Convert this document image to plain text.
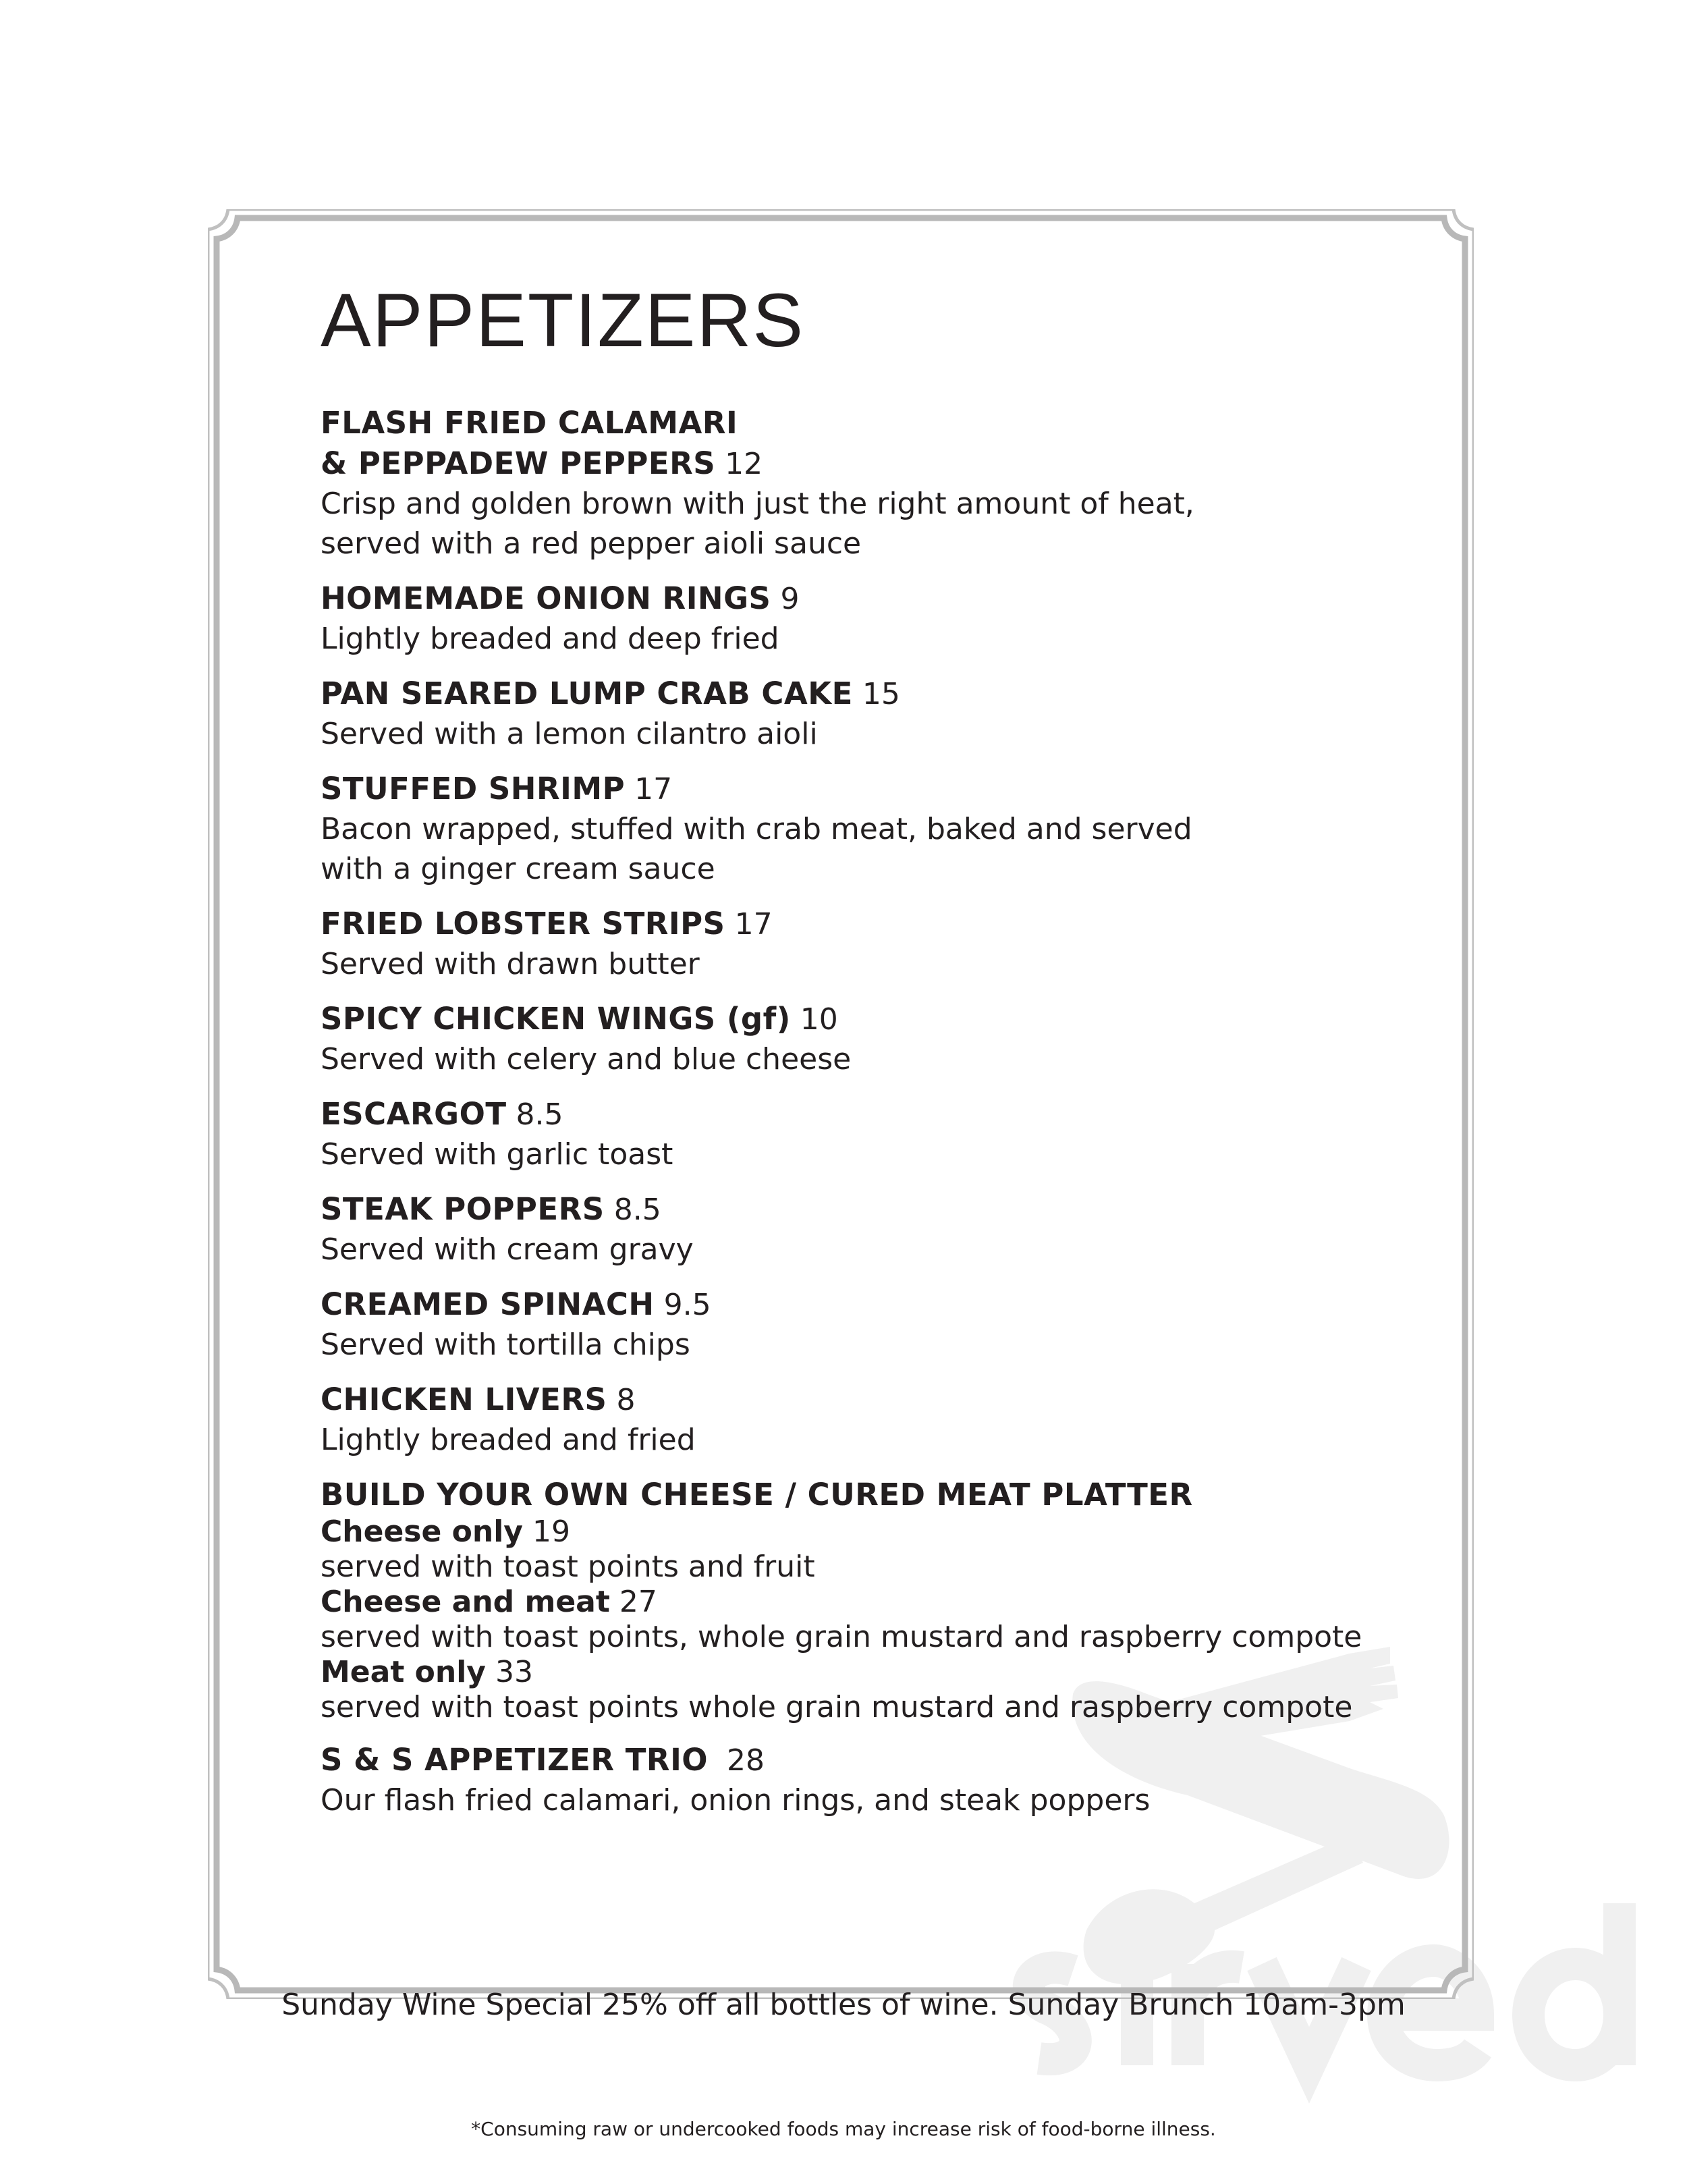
APPETIZERS
FLASH FRIED CALAMARI
& PEPPADEW PEPPERS 12
Crisp and golden brown with just the right amount of heat,
served with a red pepper aioli sauce
HOMEMADE ONION RINGS 9
Lightly breaded and deep fried
PAN SEARED LUMP CRAB CAKE 15
Served with a lemon cilantro aioli
STUFFED SHRIMP 17
Bacon wrapped, stuffed with crab meat, baked and served
with a ginger cream sauce
FRIED LOBSTER STRIPS 17
Served with drawn butter
SPICY CHICKEN WINGS (gf) 10
Served with celery and blue cheese
ESCARGOT 8.5
Served with garlic toast
STEAK POPPERS 8.5
Served with cream gravy
CREAMED SPINACH 9.5
Served with tortilla chips
CHICKEN LIVERS 8
Lightly breaded and fried
BUILD YOUR OWN CHEESE / CURED MEAT PLATTER
Cheese only 19
served with toast points and fruit
Cheese and meat 27
served with toast points, whole grain mustard and raspberry compote
Meat only 33
served with toast points whole grain mustard and raspberry compote
S & S APPETIZER TRIO 28
Our flash fried calamari, onion rings, and steak poppers
Sunday Wine Special 25% off all bottles of wine. Sunday Brunch 10am-3pm
*Consuming raw or undercooked foods may increase risk of food-borne illness.
